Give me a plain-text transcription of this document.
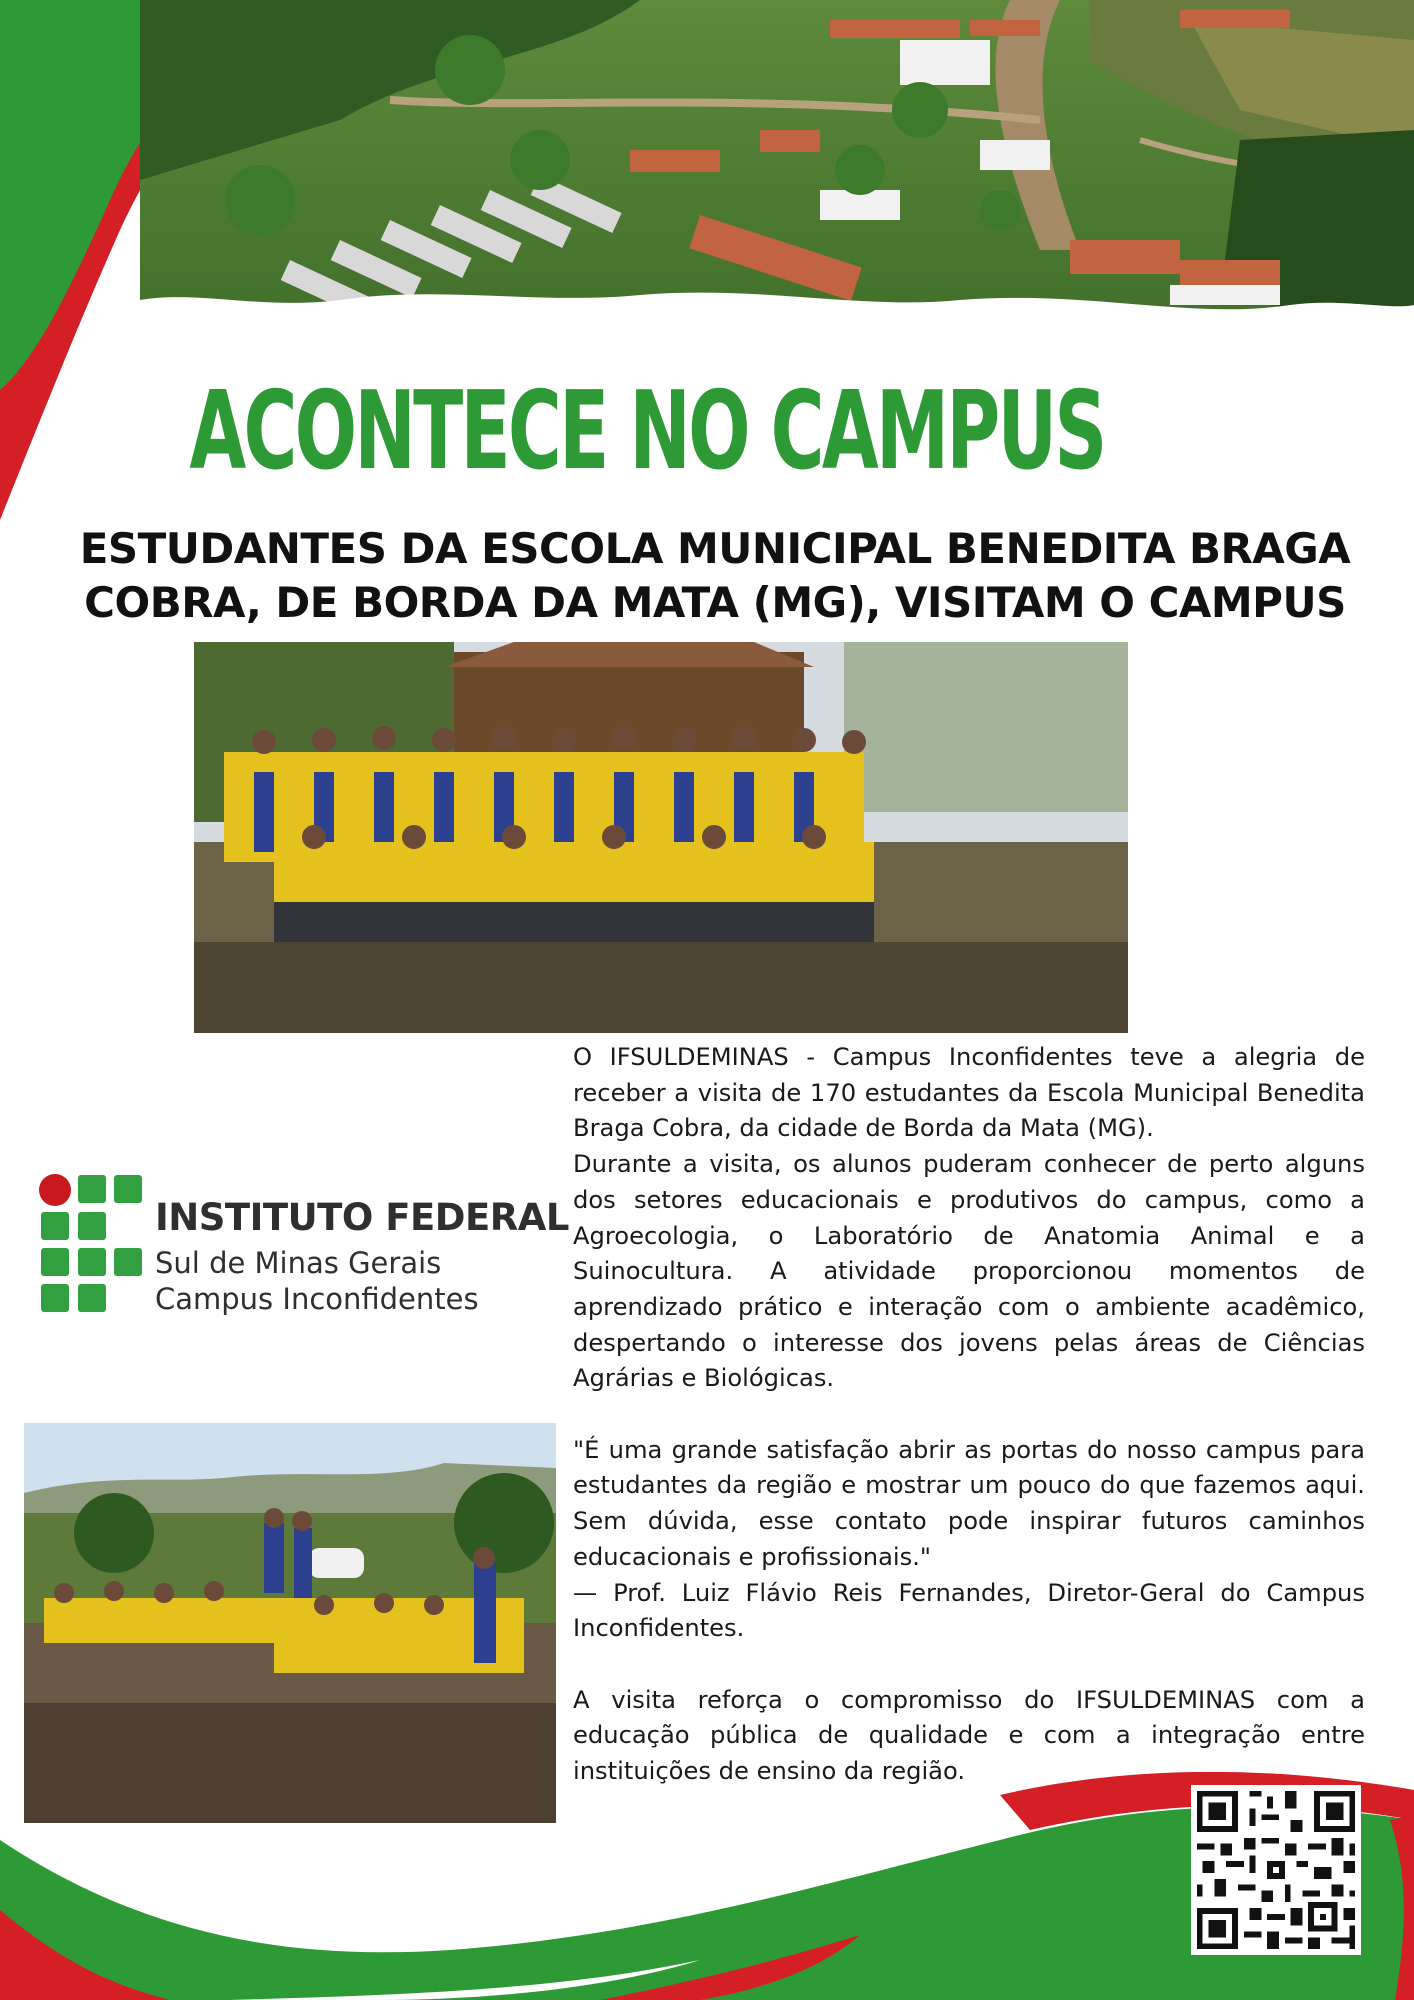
ACONTECE NO CAMPUS
ESTUDANTES DA ESCOLA MUNICIPAL BENEDITA BRAGA
COBRA, DE BORDA DA MATA (MG), VISITAM O CAMPUS
INSTITUTO FEDERAL
Sul de Minas Gerais
Campus Inconfidentes

O IFSULDEMINAS - Campus Inconfidentes teve a alegria de receber a visita de 170 estudantes da Escola Municipal Benedita Braga Cobra, da cidade de Borda da Mata (MG).

Durante a visita, os alunos puderam conhecer de perto alguns dos setores educacionais e produtivos do campus, como a Agroecologia, o Laboratório de Anatomia Animal e a Suinocultura. A atividade proporcionou momentos de aprendizado prático e interação com o ambiente acadêmico, despertando o interesse dos jovens pelas áreas de Ciências Agrárias e Biológicas.

"É uma grande satisfação abrir as portas do nosso campus para estudantes da região e mostrar um pouco do que fazemos aqui. Sem dúvida, esse contato pode inspirar futuros caminhos educacionais e profissionais."

— Prof. Luiz Flávio Reis Fernandes, Diretor-Geral do Campus Inconfidentes.

A visita reforça o compromisso do IFSULDEMINAS com a educação pública de qualidade e com a integração entre instituições de ensino da região.
